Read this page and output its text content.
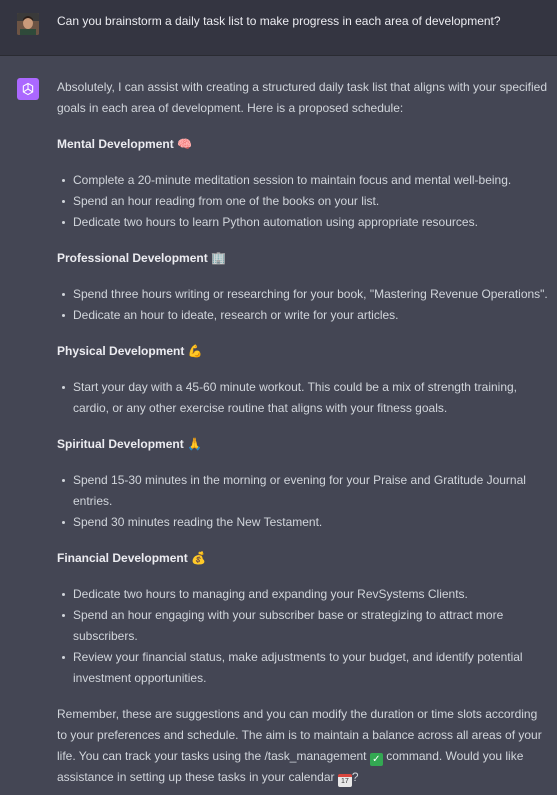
Can you brainstorm a daily task list to make progress in each area of development?

Absolutely, I can assist with creating a structured daily task list that aligns with your specified goals in each area of development. Here is a proposed schedule:

Mental Development 🧠

Complete a 20-minute meditation session to maintain focus and mental well-being.
Spend an hour reading from one of the books on your list.
Dedicate two hours to learn Python automation using appropriate resources.

Professional Development 🏢

Spend three hours writing or researching for your book, "Mastering Revenue Operations".
Dedicate an hour to ideate, research or write for your articles.

Physical Development 💪

Start your day with a 45-60 minute workout. This could be a mix of strength training, cardio, or any other exercise routine that aligns with your fitness goals.

Spiritual Development 🙏

Spend 15-30 minutes in the morning or evening for your Praise and Gratitude Journal entries.
Spend 30 minutes reading the New Testament.

Financial Development 💰

Dedicate two hours to managing and expanding your RevSystems Clients.
Spend an hour engaging with your subscriber base or strategizing to attract more subscribers.
Review your financial status, make adjustments to your budget, and identify potential investment opportunities.

Remember, these are suggestions and you can modify the duration or time slots according to your preferences and schedule. The aim is to maintain a balance across all areas of your life. You can track your tasks using the /task_management ✓ command. Would you like assistance in setting up these tasks in your calendar 17 ?
